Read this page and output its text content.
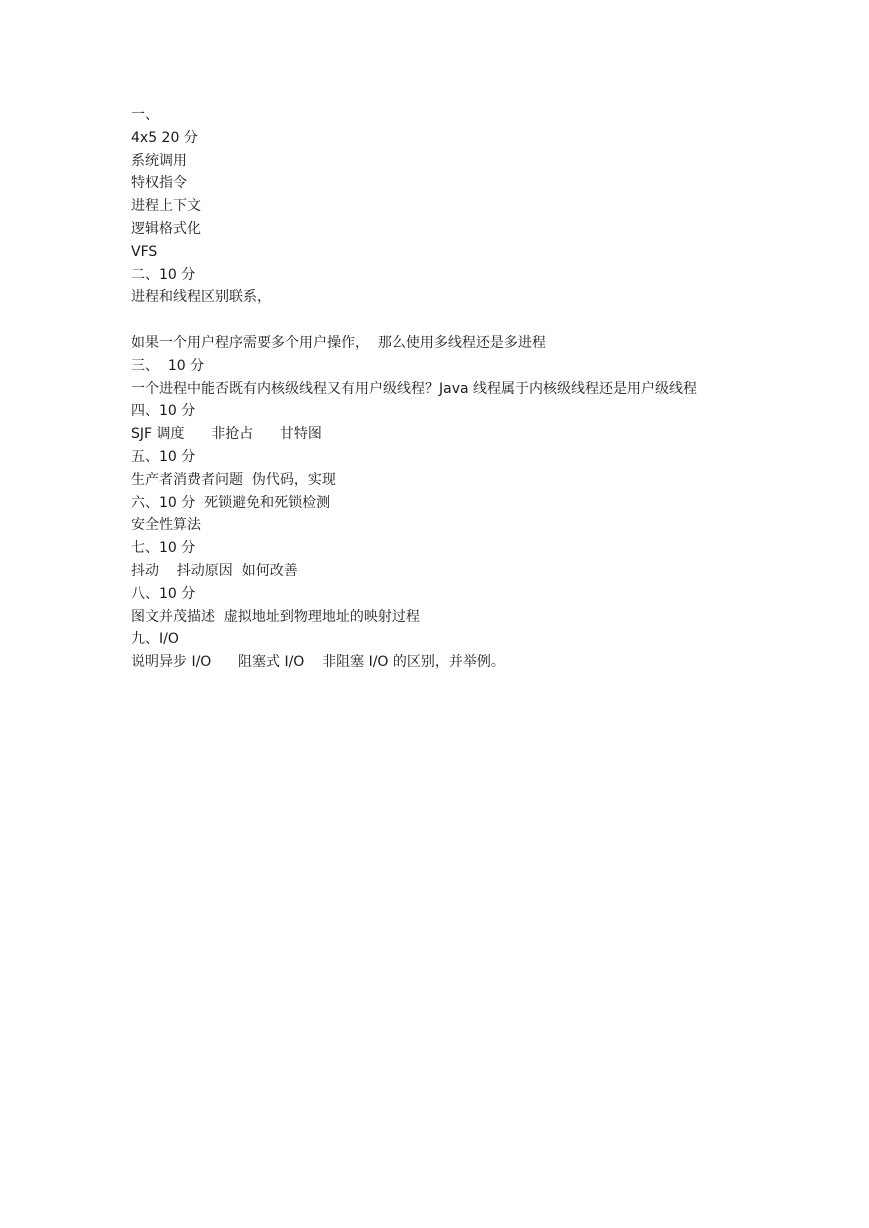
一、

4x5 20 分

系统调用

特权指令

进程上下文

逻辑格式化

VFS

二、10 分

进程和线程区别联系，

如果一个用户程序需要多个用户操作，  那么使用多线程还是多进程

三、  10 分

一个进程中能否既有内核级线程又有用户级线程？Java 线程属于内核级线程还是用户级线程

四、10 分

SJF 调度      非抢占      甘特图

五、10 分

生产者消费者问题  伪代码，实现

六、10 分  死锁避免和死锁检测

安全性算法

七、10 分

抖动    抖动原因  如何改善

八、10 分

图文并茂描述  虚拟地址到物理地址的映射过程

九、I/O

说明异步 I/O      阻塞式 I/O    非阻塞 I/O 的区别，并举例。
